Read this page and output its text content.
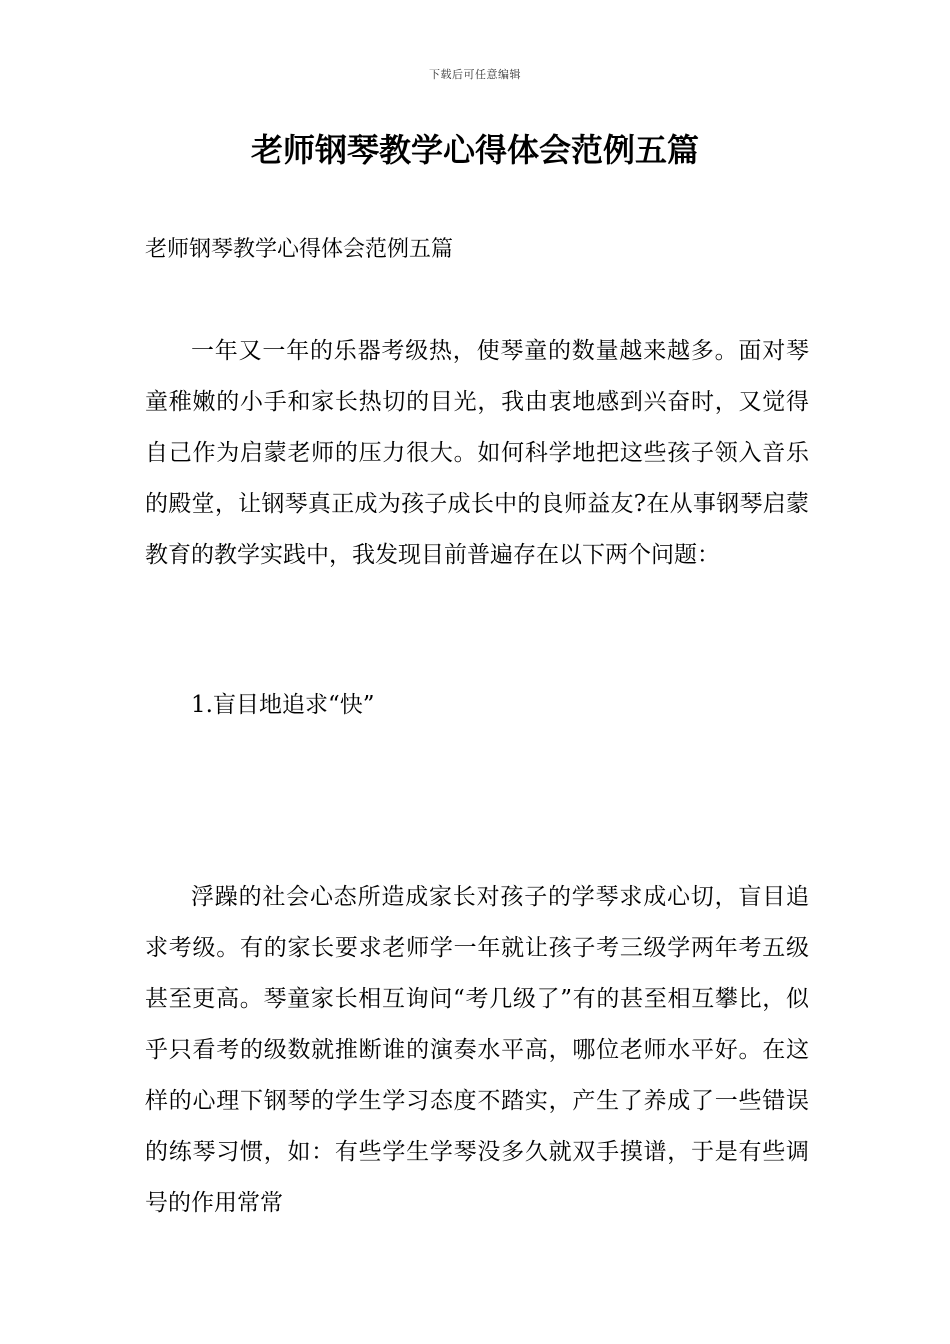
下载后可任意编辑
老师钢琴教学心得体会范例五篇

老师钢琴教学心得体会范例五篇

一年又一年的乐器考级热，使琴童的数量越来越多。面对琴童稚嫩的小手和家长热切的目光，我由衷地感到兴奋时，又觉得自己作为启蒙老师的压力很大。如何科学地把这些孩子领入音乐的殿堂，让钢琴真正成为孩子成长中的良师益友?在从事钢琴启蒙教育的教学实践中，我发现目前普遍存在以下两个问题：

1.盲目地追求“快”

浮躁的社会心态所造成家长对孩子的学琴求成心切，盲目追求考级。有的家长要求老师学一年就让孩子考三级学两年考五级甚至更高。琴童家长相互询问“考几级了”有的甚至相互攀比，似乎只看考的级数就推断谁的演奏水平高，哪位老师水平好。在这样的心理下钢琴的学生学习态度不踏实，产生了养成了一些错误的练琴习惯，如：有些学生学琴没多久就双手摸谱，于是有些调号的作用常常
